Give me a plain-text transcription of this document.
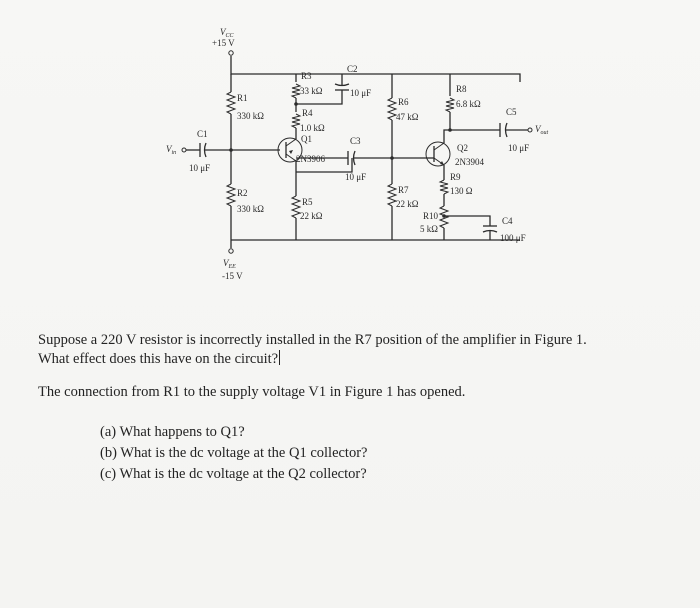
$V_{CC}$
+15 V
R1
330 kΩ
R2
330 kΩ
$V_{EE}$
-15 V
$V_{in}$
C1
10 μF
Q1
2N3906
R4
1.0 kΩ
R3
33 kΩ
C2
10 μF
R5
22 kΩ
C3
10 μF
R6
47 kΩ
R7
22 kΩ
Q2
2N3904
R8
6.8 kΩ
$V_{out}$
C5
10 μF
R9
130 Ω
R10
5 kΩ
C4
100 μF

Suppose a 220 V resistor is incorrectly installed in the R7 position of the amplifier in Figure 1.

What effect does this have on the circuit?

The connection from R1 to the supply voltage V1 in Figure 1 has opened.

(a) What happens to Q1?
(b) What is the dc voltage at the Q1 collector?
(c) What is the dc voltage at the Q2 collector?
